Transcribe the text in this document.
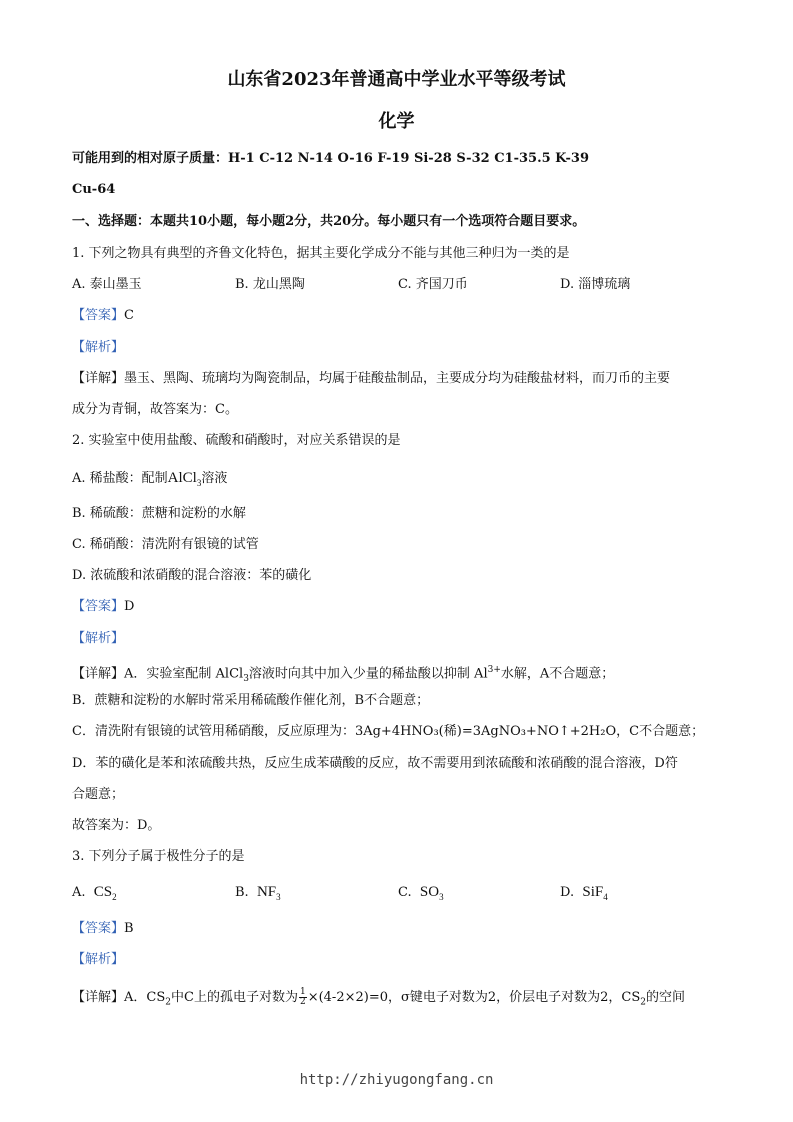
山东省2023年普通高中学业水平等级考试
化学
可能用到的相对原子质量：H-1 C-12 N-14 O-16 F-19 Si-28 S-32 C1-35.5 K-39
Cu-64
一、选择题：本题共10小题，每小题2分，共20分。每小题只有一个选项符合题目要求。
1. 下列之物具有典型的齐鲁文化特色，据其主要化学成分不能与其他三种归为一类的是
A. 泰山墨玉	B. 龙山黑陶	C. 齐国刀币	D. 淄博琉璃
【答案】C
【解析】
【详解】墨玉、黑陶、琉璃均为陶瓷制品，均属于硅酸盐制品，主要成分均为硅酸盐材料，而刀币的主要
成分为青铜，故答案为：C。
2. 实验室中使用盐酸、硫酸和硝酸时，对应关系错误的是
A. 稀盐酸：配制AlCl$_3$溶液
B. 稀硫酸：蔗糖和淀粉的水解
C. 稀硝酸：清洗附有银镜的试管
D. 浓硫酸和浓硝酸的混合溶液：苯的磺化
【答案】D
【解析】
【详解】A．实验室配制 AlCl$_3$溶液时向其中加入少量的稀盐酸以抑制 $Al^{3+}$水解，A不合题意；
B．蔗糖和淀粉的水解时常采用稀硫酸作催化剂，B不合题意；
C．清洗附有银镜的试管用稀硝酸，反应原理为：3Ag+4HNO₃(稀)=3AgNO₃+NO↑+2H₂O，C不合题意；
D．苯的磺化是苯和浓硫酸共热，反应生成苯磺酸的反应，故不需要用到浓硫酸和浓硝酸的混合溶液，D符
合题意；
故答案为：D。
3. 下列分子属于极性分子的是
A. $CS_2$	B. $NF_3$	C. $SO_3$	D. SiF$_4$
【答案】B
【解析】
【详解】A．$CS_2$中C上的孤电子对数为 $\frac{1}{2} \times(4-2\times 2)=0$，σ键电子对数为2，价层电子对数为2，$CS_2$的空间
http://zhiyugongfang.cn
